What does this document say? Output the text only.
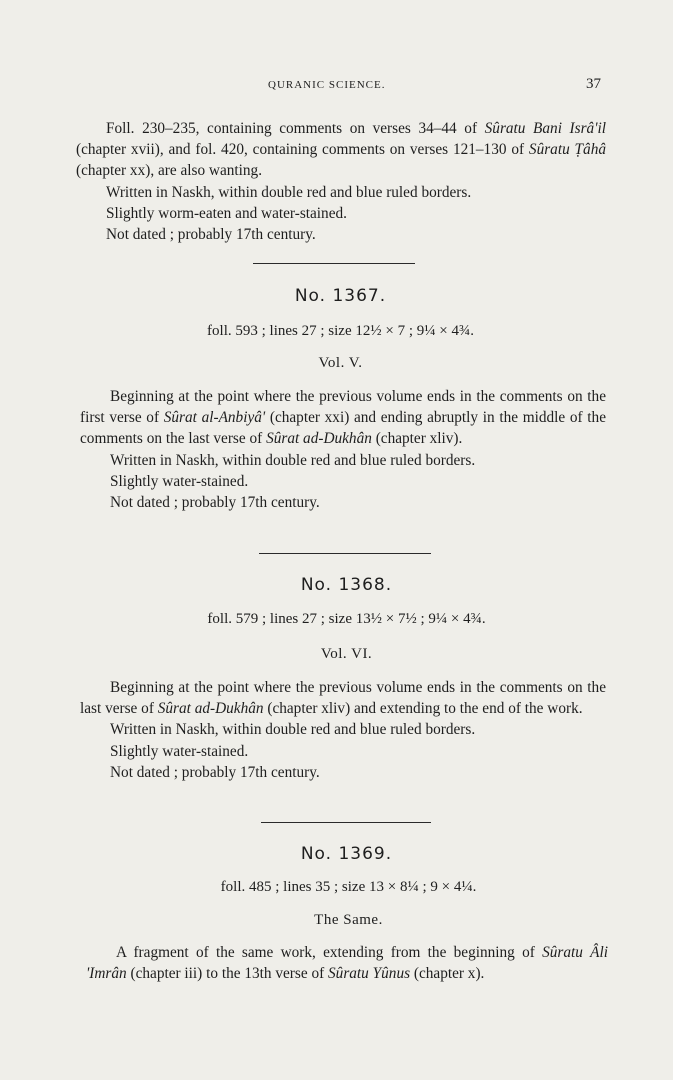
QURANIC SCIENCE.	37

Foll. 230–235, containing comments on verses 34–44 of Sûratu Bani Isrâ'il (chapter xvii), and fol. 420, containing comments on verses 121–130 of Sûratu Ṭâhâ (chapter xx), are also wanting.

Written in Naskh, within double red and blue ruled borders.

Slightly worm-eaten and water-stained.

Not dated ; probably 17th century.

No. 1367.
foll. 593 ; lines 27 ; size 12½ × 7 ; 9¼ × 4¾.
Vol. V.

Beginning at the point where the previous volume ends in the comments on the first verse of Sûrat al-Anbiyâ' (chapter xxi) and ending abruptly in the middle of the comments on the last verse of Sûrat ad-Dukhân (chapter xliv).

Written in Naskh, within double red and blue ruled borders.

Slightly water-stained.

Not dated ; probably 17th century.

No. 1368.
foll. 579 ; lines 27 ; size 13½ × 7½ ; 9¼ × 4¾.
Vol. VI.

Beginning at the point where the previous volume ends in the comments on the last verse of Sûrat ad-Dukhân (chapter xliv) and extending to the end of the work.

Written in Naskh, within double red and blue ruled borders.

Slightly water-stained.

Not dated ; probably 17th century.

No. 1369.
foll. 485 ; lines 35 ; size 13 × 8¼ ; 9 × 4¼.
The Same.

A fragment of the same work, extending from the beginning of Sûratu Âli 'Imrân (chapter iii) to the 13th verse of Sûratu Yûnus (chapter x).
